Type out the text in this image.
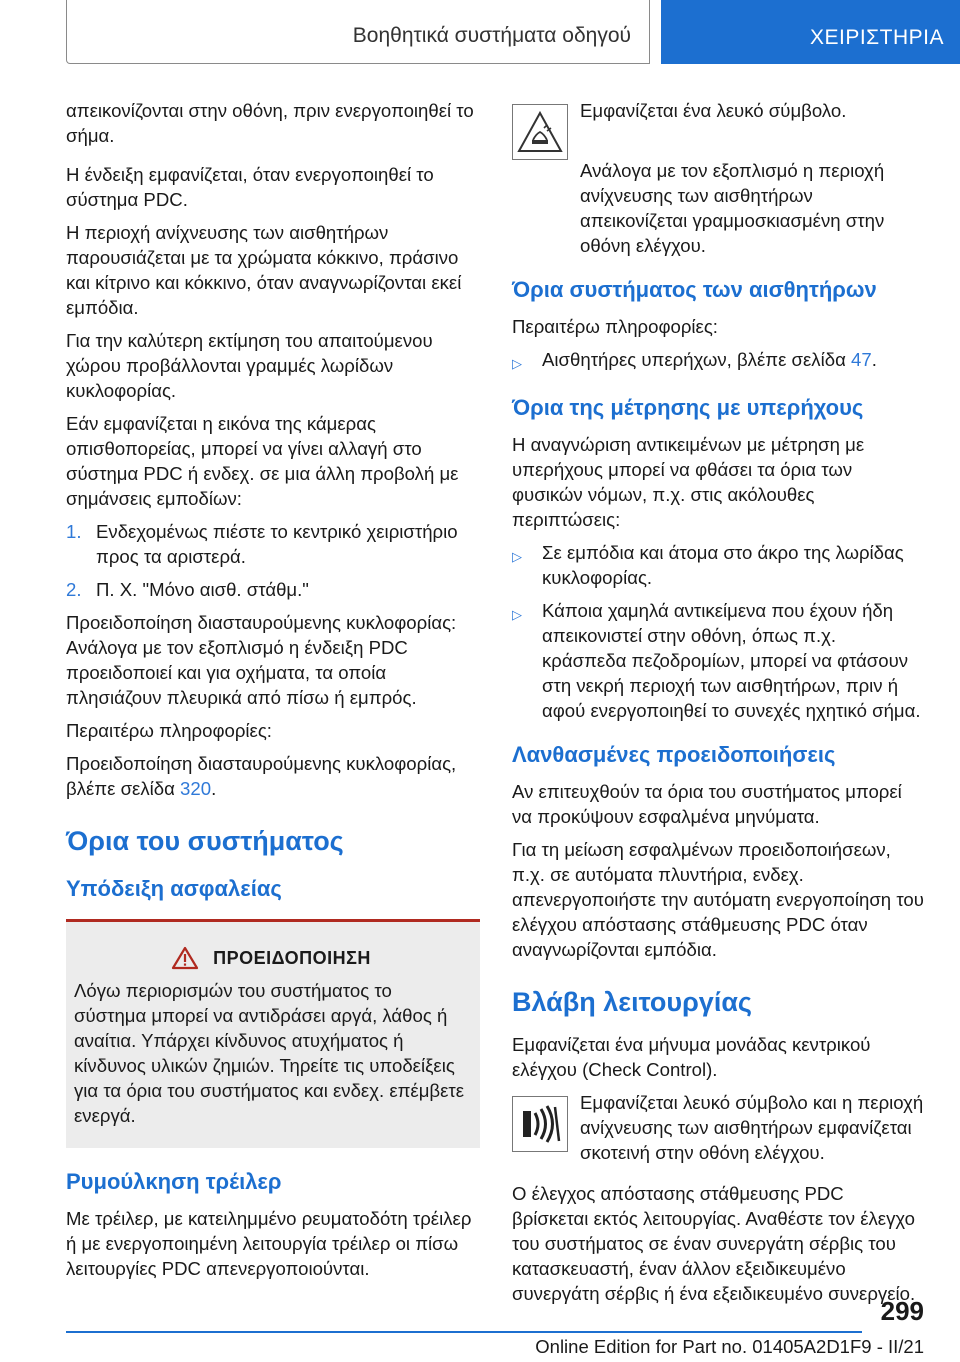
Βοηθητικά συστήματα οδηγού	ΧΕΙΡΙΣΤΗΡΙΑ

απεικονίζονται στην οθόνη, πριν ενεργοποιηθεί το σήμα.

Η ένδειξη εμφανίζεται, όταν ενεργοποιηθεί το σύστημα PDC.

Η περιοχή ανίχνευσης των αισθητήρων παρουσιάζεται με τα χρώματα κόκκινο, πράσινο και κίτρινο και κόκκινο, όταν αναγνωρίζονται εκεί εμπόδια.

Για την καλύτερη εκτίμηση του απαιτούμενου χώρου προβάλλονται γραμμές λωρίδων κυκλοφορίας.

Εάν εμφανίζεται η εικόνα της κάμερας οπισθοπορείας, μπορεί να γίνει αλλαγή στο σύστημα PDC ή ενδεχ. σε μια άλλη προβολή με σημάνσεις εμποδίων:

1. Ενδεχομένως πιέστε το κεντρικό χειριστήριο προς τα αριστερά.
2. Π. Χ. "Μόνο αισθ. στάθμ."

Προειδοποίηση διασταυρούμενης κυκλοφορίας: Ανάλογα με τον εξοπλισμό η ένδειξη PDC προειδοποιεί και για οχήματα, τα οποία πλησιάζουν πλευρικά από πίσω ή εμπρός.

Περαιτέρω πληροφορίες:

Προειδοποίηση διασταυρούμενης κυκλοφορίας, βλέπε σελίδα 320.

Όρια του συστήματος
Υπόδειξη ασφαλείας
ΠΡΟΕΙΔΟΠΟΙΗΣΗ

Λόγω περιορισμών του συστήματος το σύστημα μπορεί να αντιδράσει αργά, λάθος ή αναίτια. Υπάρχει κίνδυνος ατυχήματος ή κίνδυνος υλικών ζημιών. Τηρείτε τις υποδείξεις για τα όρια του συστήματος και ενδεχ. επέμβετε ενεργά.

Ρυμούλκηση τρέιλερ

Με τρέιλερ, με κατειλημμένο ρευματοδότη τρέιλερ ή με ενεργοποιημένη λειτουργία τρέιλερ οι πίσω λειτουργίες PDC απενεργοποιούνται.

Εμφανίζεται ένα λευκό σύμβολο.

Ανάλογα με τον εξοπλισμό η περιοχή ανίχνευσης των αισθητήρων απεικονίζεται γραμμοσκιασμένη στην οθόνη ελέγχου.

Όρια συστήματος των αισθητήρων

Περαιτέρω πληροφορίες:

▷	Αισθητήρες υπερήχων, βλέπε σελίδα 47.
Όρια της μέτρησης με υπερήχους

Η αναγνώριση αντικειμένων με μέτρηση με υπερήχους μπορεί να φθάσει τα όρια των φυσικών νόμων, π.χ. στις ακόλουθες περιπτώσεις:

▷	Σε εμπόδια και άτομα στο άκρο της λωρίδας κυκλοφορίας.
▷	Κάποια χαμηλά αντικείμενα που έχουν ήδη απεικονιστεί στην οθόνη, όπως π.χ. κράσπεδα πεζοδρομίων, μπορεί να φτάσουν στη νεκρή περιοχή των αισθητήρων, πριν ή αφού ενεργοποιηθεί το συνεχές ηχητικό σήμα.
Λανθασμένες προειδοποιήσεις

Αν επιτευχθούν τα όρια του συστήματος μπορεί να προκύψουν εσφαλμένα μηνύματα.

Για τη μείωση εσφαλμένων προειδοποιήσεων, π.χ. σε αυτόματα πλυντήρια, ενδεχ. απενεργοποιήστε την αυτόματη ενεργοποίηση του ελέγχου απόστασης στάθμευσης PDC όταν αναγνωρίζονται εμπόδια.

Βλάβη λειτουργίας

Εμφανίζεται ένα μήνυμα μονάδας κεντρικού ελέγχου (Check Control).

Εμφανίζεται λευκό σύμβολο και η περιοχή ανίχνευσης των αισθητήρων εμφανίζεται σκοτεινή στην οθόνη ελέγχου.

Ο έλεγχος απόστασης στάθμευσης PDC βρίσκεται εκτός λειτουργίας. Αναθέστε τον έλεγχο του συστήματος σε έναν συνεργάτη σέρβις του κατασκευαστή, έναν άλλον εξειδικευμένο συνεργάτη σέρβις ή ένα εξειδικευμένο συνεργείο.

299
Online Edition for Part no. 01405A2D1F9 - II/21
